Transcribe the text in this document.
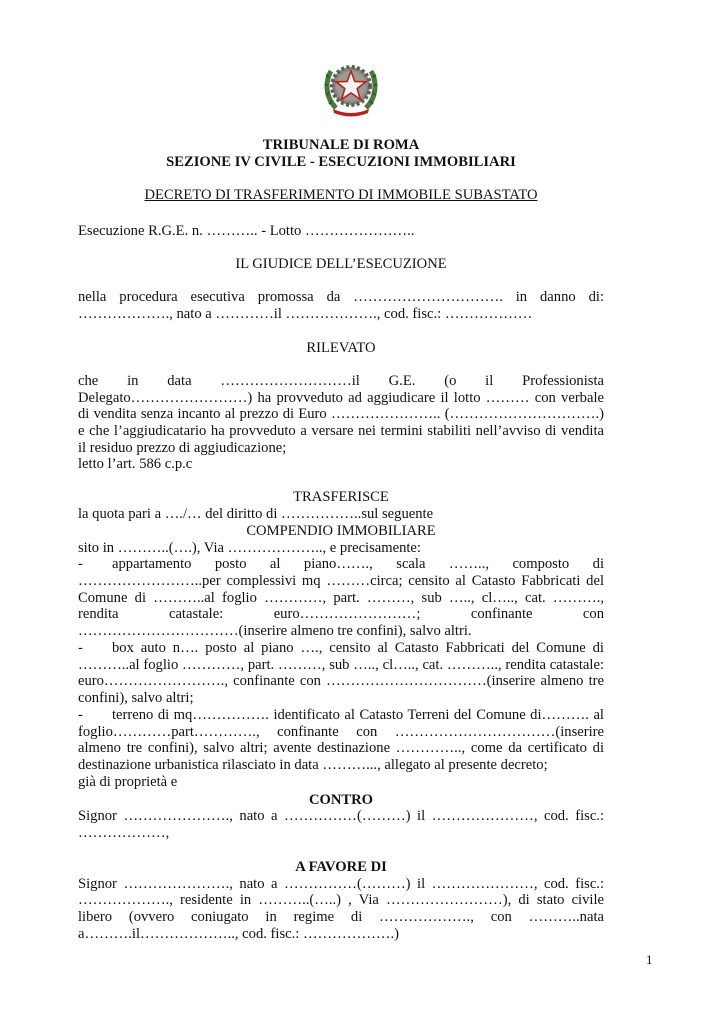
TRIBUNALE DI ROMA

SEZIONE IV CIVILE - ESECUZIONI IMMOBILIARI

DECRETO DI TRASFERIMENTO DI IMMOBILE SUBASTATO

Esecuzione R.G.E. n. ……….. - Lotto …………………..

IL GIUDICE DELL’ESECUZIONE

nella procedura esecutiva promossa da …………………………. in danno di:

………………., nato a …………il ………………., cod. fisc.: ………………

RILEVATO

che in data ………………………il G.E. (o il Professionista

Delegato……………………) ha provveduto ad aggiudicare il lotto ……… con verbale

di vendita senza incanto al prezzo di Euro ………………….. (………………………….)

e che l’aggiudicatario ha provveduto a versare nei termini stabiliti nell’avviso di vendita

il residuo prezzo di aggiudicazione;

letto l’art. 586 c.p.c

TRASFERISCE

la quota pari a …./… del diritto di ……………..sul seguente

COMPENDIO IMMOBILIARE

sito in ………..(….), Via ……………….., e precisamente:

-	appartamento posto al piano……., scala …….., composto di

……………………..per complessivi mq ………circa; censito al Catasto Fabbricati del

Comune di ………..al foglio …………, part. ………, sub ….., cl….., cat. ……….,

rendita catastale: euro……………………; confinante con

……………………………(inserire almeno tre confini), salvo altri.

-	box auto n…. posto al piano …., censito al Catasto Fabbricati del Comune di

………..al foglio …………, part. ………, sub ….., cl….., cat. ……….., rendita catastale:

euro……………………., confinante con ……………………………(inserire almeno tre

confini), salvo altri;

-	terreno di mq……………. identificato al Catasto Terreni del Comune di………. al

foglio…………part…………., confinante con ……………………………(inserire

almeno tre confini), salvo altri; avente destinazione ………….., come da certificato di

destinazione urbanistica rilasciato in data ………..., allegato al presente decreto;

già di proprietà e

CONTRO

Signor …………………., nato a ……………(………) il …………………, cod. fisc.:

………………,

A FAVORE DI

Signor …………………., nato a ……………(………) il …………………, cod. fisc.:

………………., residente in ………..(…..) , Via ……………………), di stato civile

libero (ovvero coniugato in regime di ………………., con ………..nata

a……….il……………….., cod. fisc.: ……………….)

1
